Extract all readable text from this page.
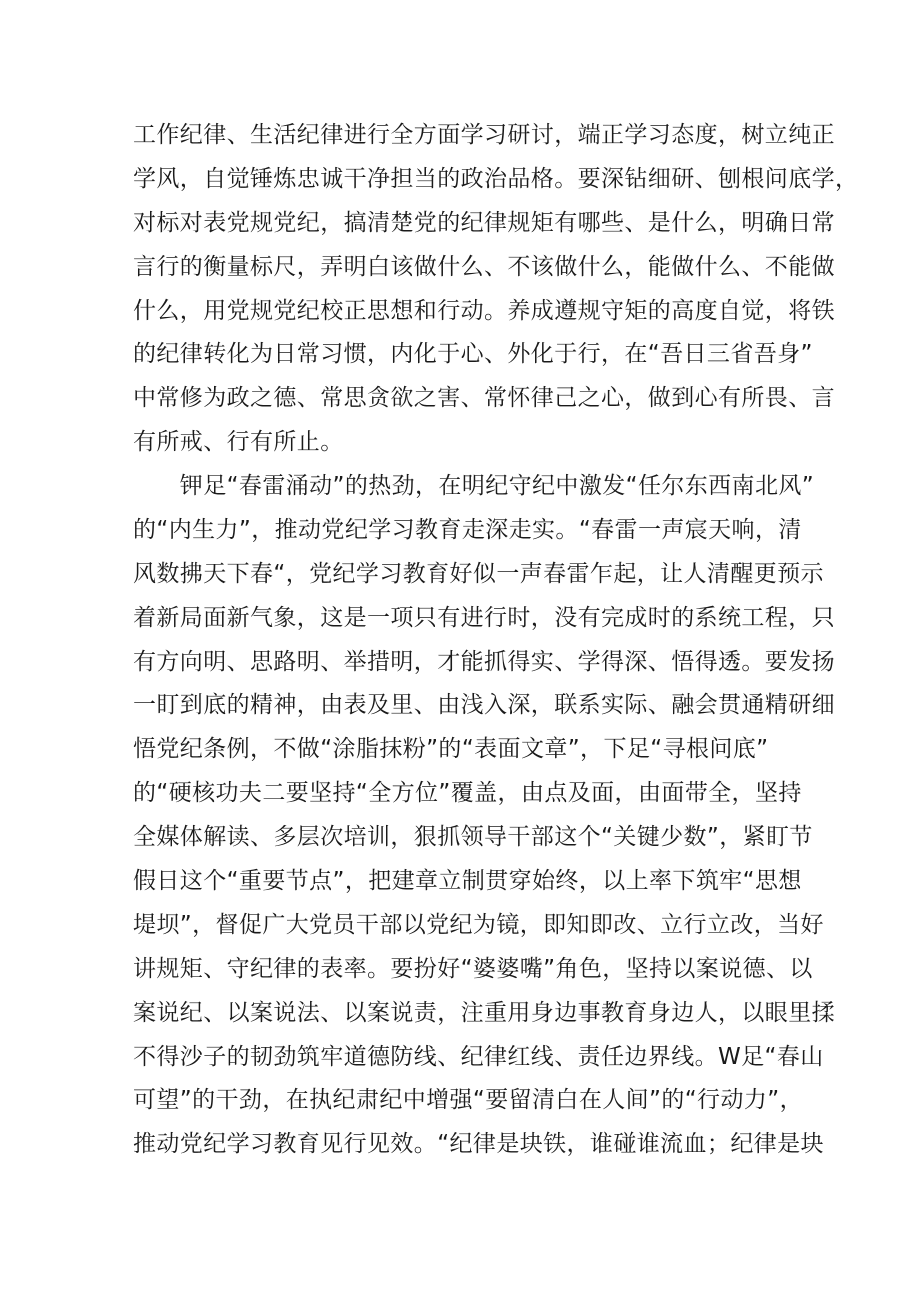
工作纪律、生活纪律进行全方面学习研讨，端正学习态度，树立纯正
学风，自觉锤炼忠诚干净担当的政治品格。要深钻细研、刨根问底学，
对标对表党规党纪，搞清楚党的纪律规矩有哪些、是什么，明确日常
言行的衡量标尺，弄明白该做什么、不该做什么，能做什么、不能做
什么，用党规党纪校正思想和行动。养成遵规守矩的高度自觉，将铁
的纪律转化为日常习惯，内化于心、外化于行，在“吾日三省吾身”
中常修为政之德、常思贪欲之害、常怀律己之心，做到心有所畏、言
有所戒、行有所止。
　　钾足“春雷涌动”的热劲，在明纪守纪中激发“任尔东西南北风”
的“内生力”，推动党纪学习教育走深走实。“春雷一声宸天响，清
风数拂天下春“，党纪学习教育好似一声春雷乍起，让人清醒更预示
着新局面新气象，这是一项只有进行时，没有完成时的系统工程，只
有方向明、思路明、举措明，才能抓得实、学得深、悟得透。要发扬
一盯到底的精神，由表及里、由浅入深，联系实际、融会贯通精研细
悟党纪条例，不做“涂脂抹粉”的“表面文章”，下足“寻根问底”
的“硬核功夫二要坚持“全方位”覆盖，由点及面，由面带全，坚持
全媒体解读、多层次培训，狠抓领导干部这个“关键少数”，紧盯节
假日这个“重要节点”，把建章立制贯穿始终，以上率下筑牢“思想
堤坝”，督促广大党员干部以党纪为镜，即知即改、立行立改，当好
讲规矩、守纪律的表率。要扮好“婆婆嘴”角色，坚持以案说德、以
案说纪、以案说法、以案说责，注重用身边事教育身边人，以眼里揉
不得沙子的韧劲筑牢道德防线、纪律红线、责任边界线。W足“春山
可望”的干劲，在执纪肃纪中增强“要留清白在人间”的“行动力”，
推动党纪学习教育见行见效。“纪律是块铁，谁碰谁流血；纪律是块
